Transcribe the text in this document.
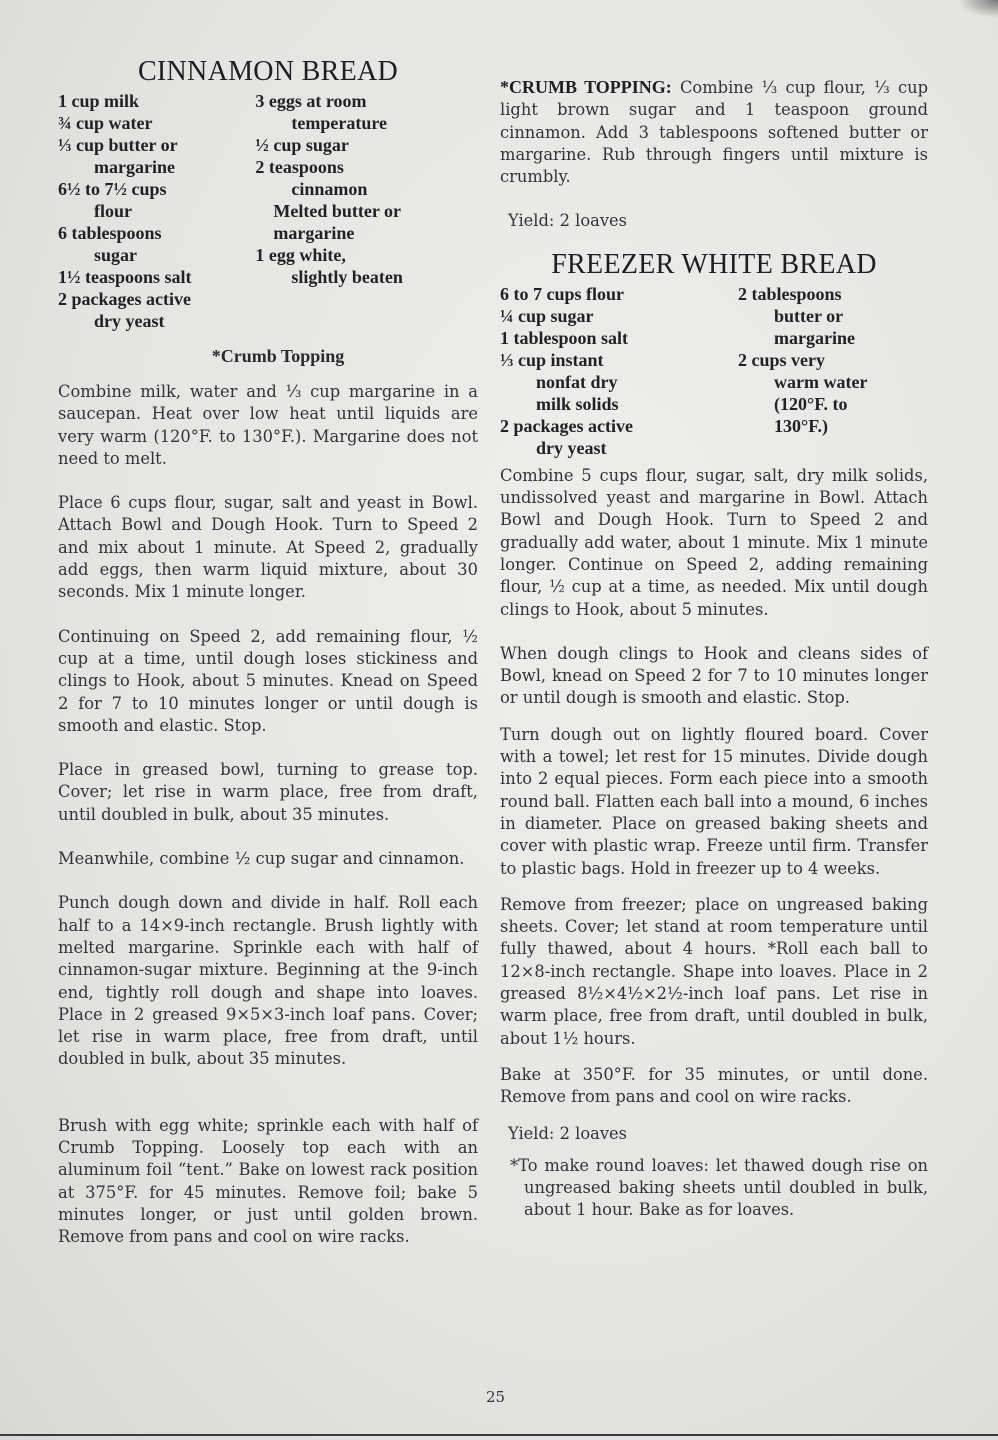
CINNAMON BREAD
1 cup milk
¾ cup water
⅓ cup butter or
margarine
6½ to 7½ cups
flour
6 tablespoons
sugar
1½ teaspoons salt
2 packages active
dry yeast
3 eggs at room
temperature
½ cup sugar
2 teaspoons
cinnamon
Melted butter or
margarine
1 egg white,
slightly beaten
*Crumb Topping

Combine milk, water and ⅓ cup margarine in a saucepan. Heat over low heat until liquids are very warm (120°F. to 130°F.). Margarine does not need to melt.

Place 6 cups flour, sugar, salt and yeast in Bowl. Attach Bowl and Dough Hook. Turn to Speed 2 and mix about 1 minute. At Speed 2, gradually add eggs, then warm liquid mixture, about 30 seconds. Mix 1 minute longer.

Continuing on Speed 2, add remaining flour, ½ cup at a time, until dough loses stickiness and clings to Hook, about 5 minutes. Knead on Speed 2 for 7 to 10 minutes longer or until dough is smooth and elastic. Stop.

Place in greased bowl, turning to grease top. Cover; let rise in warm place, free from draft, until doubled in bulk, about 35 minutes.

Meanwhile, combine ½ cup sugar and cinnamon.

Punch dough down and divide in half. Roll each half to a 14×9-inch rectangle. Brush lightly with melted margarine. Sprinkle each with half of cinnamon-sugar mixture. Beginning at the 9-inch end, tightly roll dough and shape into loaves. Place in 2 greased 9×5×3-inch loaf pans. Cover; let rise in warm place, free from draft, until doubled in bulk, about 35 minutes.

Brush with egg white; sprinkle each with half of Crumb Topping. Loosely top each with an aluminum foil “tent.” Bake on lowest rack position at 375°F. for 45 minutes. Remove foil; bake 5 minutes longer, or just until golden brown. Remove from pans and cool on wire racks.

*CRUMB TOPPING: Combine ⅓ cup flour, ⅓ cup light brown sugar and 1 teaspoon ground cinnamon. Add 3 tablespoons softened butter or margarine. Rub through fingers until mixture is crumbly.

Yield: 2 loaves

FREEZER WHITE BREAD
6 to 7 cups flour
¼ cup sugar
1 tablespoon salt
⅓ cup instant
nonfat dry
milk solids
2 packages active
dry yeast
2 tablespoons
butter or
margarine
2 cups very
warm water
(120°F. to
130°F.)

Combine 5 cups flour, sugar, salt, dry milk solids, undissolved yeast and margarine in Bowl. Attach Bowl and Dough Hook. Turn to Speed 2 and gradually add water, about 1 minute. Mix 1 minute longer. Continue on Speed 2, adding remaining flour, ½ cup at a time, as needed. Mix until dough clings to Hook, about 5 minutes.

When dough clings to Hook and cleans sides of Bowl, knead on Speed 2 for 7 to 10 minutes longer or until dough is smooth and elastic. Stop.

Turn dough out on lightly floured board. Cover with a towel; let rest for 15 minutes. Divide dough into 2 equal pieces. Form each piece into a smooth round ball. Flatten each ball into a mound, 6 inches in diameter. Place on greased baking sheets and cover with plastic wrap. Freeze until firm. Transfer to plastic bags. Hold in freezer up to 4 weeks.

Remove from freezer; place on ungreased baking sheets. Cover; let stand at room temperature until fully thawed, about 4 hours. *Roll each ball to 12×8-inch rectangle. Shape into loaves. Place in 2 greased 8½×4½×2½-inch loaf pans. Let rise in warm place, free from draft, until doubled in bulk, about 1½ hours.

Bake at 350°F. for 35 minutes, or until done. Remove from pans and cool on wire racks.

Yield: 2 loaves

*To make round loaves: let thawed dough rise on ungreased baking sheets until doubled in bulk, about 1 hour. Bake as for loaves.

25
